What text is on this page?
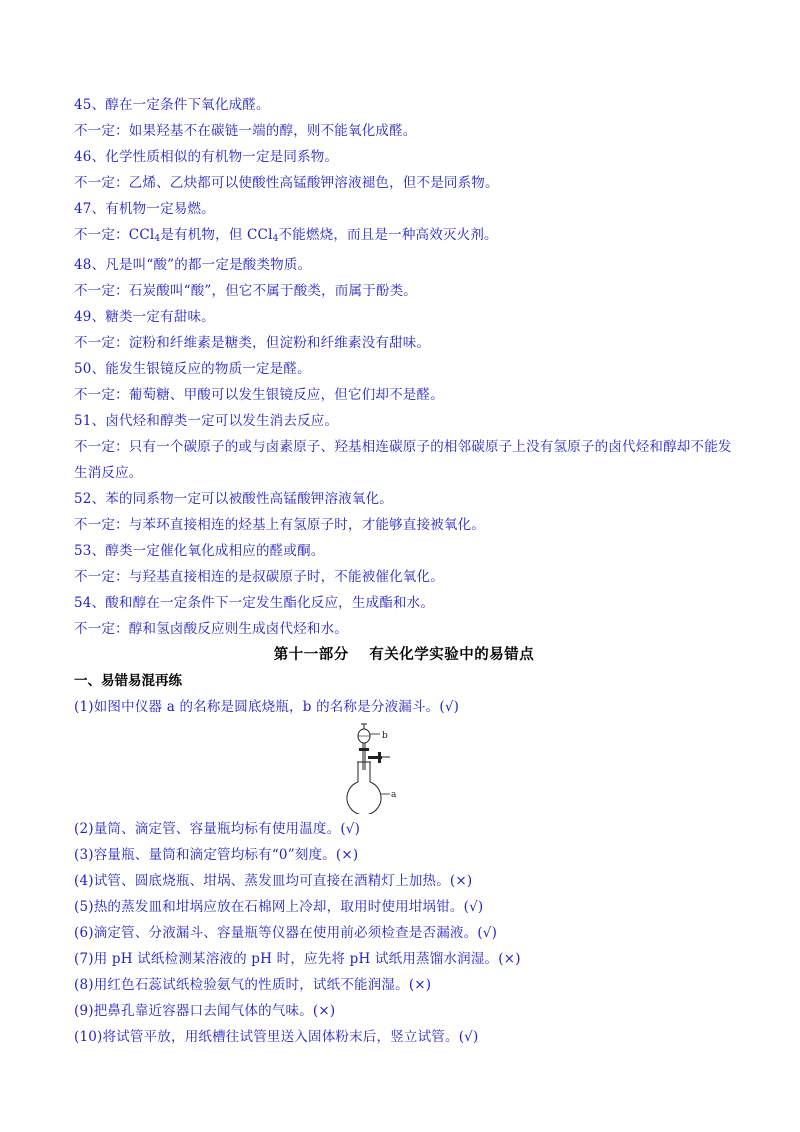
45、醇在一定条件下氧化成醛。
不一定：如果羟基不在碳链一端的醇，则不能氧化成醛。
46、化学性质相似的有机物一定是同系物。
不一定：乙烯、乙炔都可以使酸性高锰酸钾溶液褪色，但不是同系物。
47、有机物一定易燃。
不一定：CCl$_4$是有机物，但 CCl$_4$不能燃烧，而且是一种高效灭火剂。
48、凡是叫“酸”的都一定是酸类物质。
不一定：石炭酸叫“酸”，但它不属于酸类，而属于酚类。
49、糖类一定有甜味。
不一定：淀粉和纤维素是糖类，但淀粉和纤维素没有甜味。
50、能发生银镜反应的物质一定是醛。
不一定：葡萄糖、甲酸可以发生银镜反应，但它们却不是醛。
51、卤代烃和醇类一定可以发生消去反应。
不一定：只有一个碳原子的或与卤素原子、羟基相连碳原子的相邻碳原子上没有氢原子的卤代烃和醇却不能发生消反应。
52、苯的同系物一定可以被酸性高锰酸钾溶液氧化。
不一定：与苯环直接相连的烃基上有氢原子时，才能够直接被氧化。
53、醇类一定催化氧化成相应的醛或酮。
不一定：与羟基直接相连的是叔碳原子时，不能被催化氧化。
54、酸和醇在一定条件下一定发生酯化反应，生成酯和水。
不一定：醇和氢卤酸反应则生成卤代烃和水。
第十一部分　 有关化学实验中的易错点
一、易错易混再练
(1)如图中仪器 a 的名称是圆底烧瓶，b 的名称是分液漏斗。(√)
b
a
(2)量筒、滴定管、容量瓶均标有使用温度。(√)
(3)容量瓶、量筒和滴定管均标有“0”刻度。(×)
(4)试管、圆底烧瓶、坩埚、蒸发皿均可直接在酒精灯上加热。(×)
(5)热的蒸发皿和坩埚应放在石棉网上冷却，取用时使用坩埚钳。(√)
(6)滴定管、分液漏斗、容量瓶等仪器在使用前必须检查是否漏液。(√)
(7)用 pH 试纸检测某溶液的 pH 时，应先将 pH 试纸用蒸馏水润湿。(×)
(8)用红色石蕊试纸检验氨气的性质时，试纸不能润湿。(×)
(9)把鼻孔靠近容器口去闻气体的气味。(×)
(10)将试管平放，用纸槽往试管里送入固体粉末后，竖立试管。(√)
